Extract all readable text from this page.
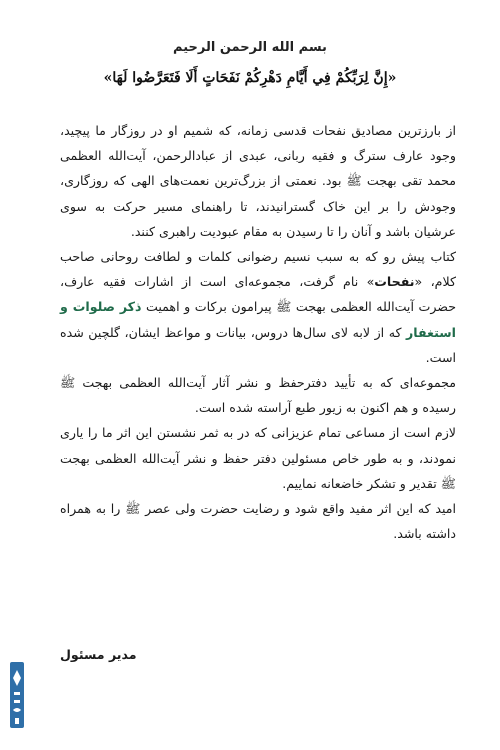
بسم الله الرحمن الرحیم
«إِنَّ لِرَبِّکُمْ فِي أَيَّامِ دَهْرِکُمْ نَفَحَاتٍ أَلَا فَتَعَرَّضُوا لَهَا»

از بارزترین مصادیق نفحات قدسی زمانه، که شمیم او در روزگار ما پیچید، وجود عارف سترگ و فقیه ربانی، عبدی از عبادالرحمن، آیت‌الله العظمی محمد تقی بهجت ﷺ بود. نعمتی از بزرگ‌ترین نعمت‌های الهی که روزگاری، وجودش را بر این خاک گسترانیدند، تا راهنمای مسیر حرکت به سوی عرشیان باشد و آنان را تا رسیدن به مقام عبودیت راهبری کنند.

کتاب پیش رو که به سبب نسیم رضوانی کلمات و لطافت روحانی صاحب کلام، «نفحات» نام گرفت، مجموعه‌ای است از اشارات فقیه عارف، حضرت آیت‌الله العظمی بهجت ﷺ پیرامون برکات و اهمیت ذکر صلوات و استغفار که از لابه لای سال‌ها دروس، بیانات و مواعظ ایشان، گلچین شده است.

مجموعه‌ای که به تأیید دفترحفظ و نشر آثار آیت‌الله العظمی بهجت ﷺ رسیده و هم اکنون به زیور طبع آراسته شده است.

لازم است از مساعی تمام عزیزانی که در به ثمر نشستن این اثر ما را یاری نمودند، و به طور خاص مسئولین دفتر حفظ و نشر آیت‌الله العظمی بهجت ﷺ تقدیر و تشکر خاضعانه نماییم.

امید که این اثر مفید واقع شود و رضایت حضرت ولی عصر ﷺ را به همراه داشته باشد.

مدیر مسئول
